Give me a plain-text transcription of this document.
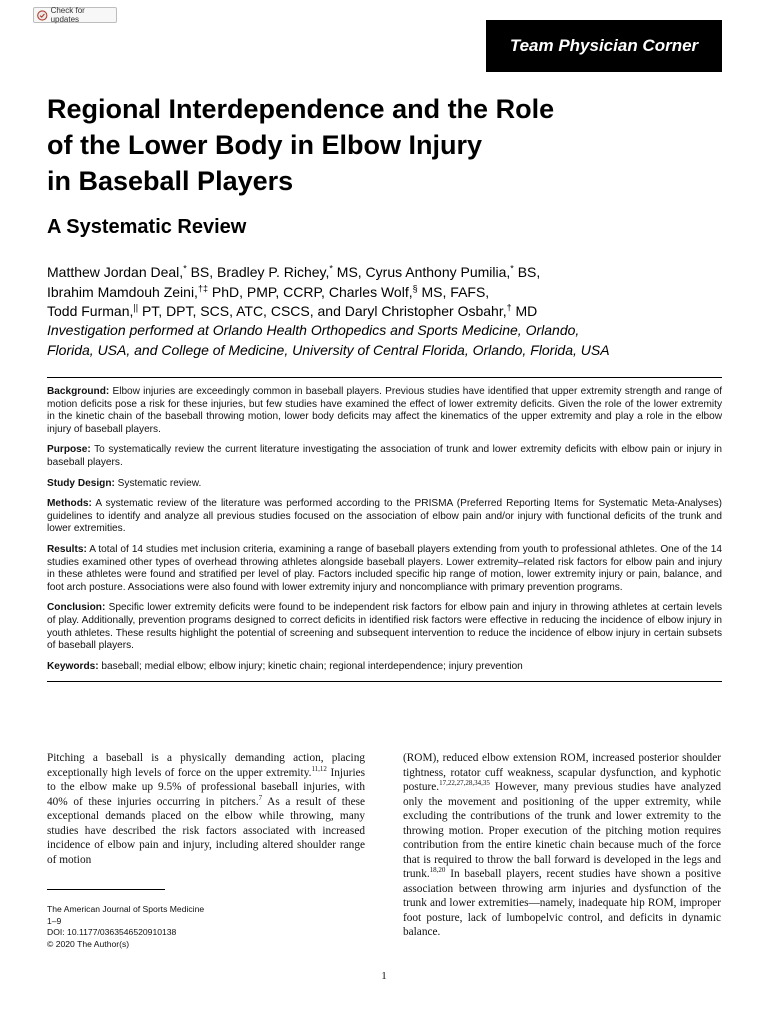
Check for updates
Team Physician Corner
Regional Interdependence and the Role
of the Lower Body in Elbow Injury
in Baseball Players
A Systematic Review
Matthew Jordan Deal,* BS, Bradley P. Richey,* MS, Cyrus Anthony Pumilia,* BS,
Ibrahim Mamdouh Zeini,†‡ PhD, PMP, CCRP, Charles Wolf,§ MS, FAFS,
Todd Furman,|| PT, DPT, SCS, ATC, CSCS, and Daryl Christopher Osbahr,† MD
Investigation performed at Orlando Health Orthopedics and Sports Medicine, Orlando,
Florida, USA, and College of Medicine, University of Central Florida, Orlando, Florida, USA

Background: Elbow injuries are exceedingly common in baseball players. Previous studies have identified that upper extremity strength and range of motion deficits pose a risk for these injuries, but few studies have examined the effect of lower extremity deficits. Given the role of the lower extremity in the kinetic chain of the baseball throwing motion, lower body deficits may affect the kinematics of the upper extremity and play a role in the elbow injury of baseball players.

Purpose: To systematically review the current literature investigating the association of trunk and lower extremity deficits with elbow pain or injury in baseball players.

Study Design: Systematic review.

Methods: A systematic review of the literature was performed according to the PRISMA (Preferred Reporting Items for Systematic Meta-Analyses) guidelines to identify and analyze all previous studies focused on the association of elbow pain and/or injury with functional deficits of the trunk and lower extremities.

Results: A total of 14 studies met inclusion criteria, examining a range of baseball players extending from youth to professional athletes. One of the 14 studies examined other types of overhead throwing athletes alongside baseball players. Lower extremity–related risk factors for elbow pain and injury in these athletes were found and stratified per level of play. Factors included specific hip range of motion, lower extremity injury or pain, balance, and foot arch posture. Associations were also found with lower extremity injury and noncompliance with primary prevention programs.

Conclusion: Specific lower extremity deficits were found to be independent risk factors for elbow pain and injury in throwing athletes at certain levels of play. Additionally, prevention programs designed to correct deficits in identified risk factors were effective in reducing the incidence of elbow injury in youth athletes. These results highlight the potential of screening and subsequent intervention to reduce the incidence of elbow injury in certain subsets of baseball players.

Keywords: baseball; medial elbow; elbow injury; kinetic chain; regional interdependence; injury prevention

Pitching a baseball is a physically demanding action, placing exceptionally high levels of force on the upper extremity.$^{11,12}$ Injuries to the elbow make up 9.5% of professional baseball injuries, with 40% of these injuries occurring in pitchers.$^7$ As a result of these exceptional demands placed on the elbow while throwing, many studies have described the risk factors associated with increased incidence of elbow pain and injury, including altered shoulder range of motion
(ROM), reduced elbow extension ROM, increased posterior shoulder tightness, rotator cuff weakness, scapular dysfunction, and kyphotic posture.$^{17,22,27,28,34,35}$ However, many previous studies have analyzed only the movement and positioning of the upper extremity, while excluding the contributions of the trunk and lower extremity to the throwing motion. Proper execution of the pitching motion requires contribution from the entire kinetic chain because much of the force that is required to throw the ball forward is developed in the legs and trunk.$^{18,20}$ In baseball players, recent studies have shown a positive association between throwing arm injuries and dysfunction of the trunk and lower extremities—namely, inadequate hip ROM, improper foot posture, lack of lumbopelvic control, and deficits in dynamic balance.
The American Journal of Sports Medicine
1–9
DOI: 10.1177/0363546520910138
© 2020 The Author(s)
1
